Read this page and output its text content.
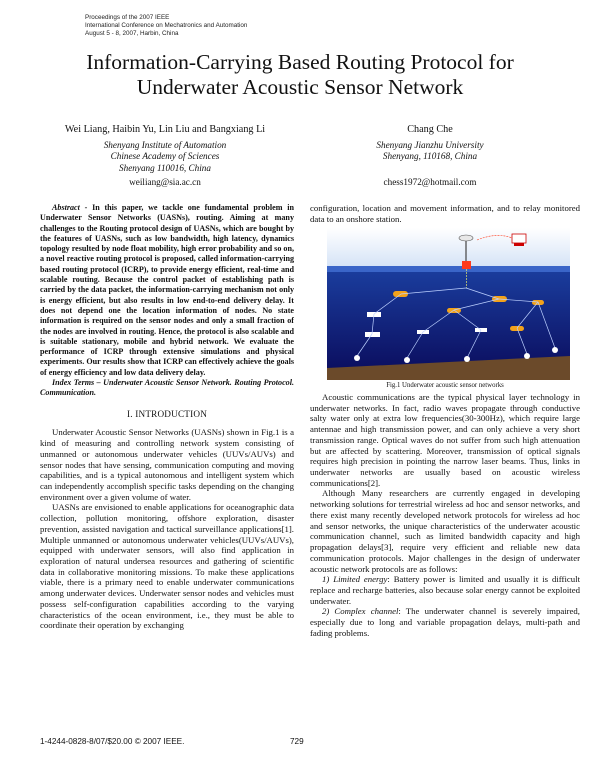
Proceedings of the 2007 IEEE
International Conference on Mechatronics and Automation
August 5 - 8, 2007, Harbin, China
Information-Carrying Based Routing Protocol for
Underwater Acoustic Sensor Network
Wei Liang, Haibin Yu, Lin Liu and Bangxiang Li
Shenyang Institute of Automation
Chinese Academy of Sciences
Shenyang 110016, China
weiliang@sia.ac.cn
Chang Che
Shenyang Jianzhu University
Shenyang, 110168, China
chess1972@hotmail.com

Abstract - In this paper, we tackle one fundamental problem in Underwater Sensor Networks (UASNs), routing. Aiming at many challenges to the Routing protocol design of UASNs, which are bought by the features of UASNs, such as low bandwidth, high latency, dynamics topology resulted by node float mobility, high error probability and so on, a novel reactive routing protocol is proposed, called information-carrying based routing protocol (ICRP), to provide energy efficient, real-time and scalable routing. Because the control packet of establishing path is carried by the data packet, the information-carrying mechanism not only is energy efficient, but also results in low end-to-end delivery delay. It does not depend one the location information of nodes. No state information is required on the sensor nodes and only a small fraction of the nodes are involved in routing. Hence, the protocol is also scalable and is suitable stationary, mobile and hybrid network. We evaluate the performance of ICRP through extensive simulations and physical experiments. Our results show that ICRP can effectively achieve the goals of energy efficiency and low data delivery delay.

Index Terms – Underwater Acoustic Sensor Network. Routing Protocol. Communication.

I. INTRODUCTION

Underwater Acoustic Sensor Networks (UASNs) shown in Fig.1 is a kind of measuring and controlling network system consisting of unmanned or autonomous underwater vehicles (UUVs/AUVs) and sensor nodes that have sensing, communication computing and moving capabilities, and is a typical autonomous and intelligent system which can independently accomplish specific tasks depending on the changing environment over a given volume of water.

UASNs are envisioned to enable applications for oceanographic data collection, pollution monitoring, offshore exploration, disaster prevention, assisted navigation and tactical surveillance applications[1]. Multiple unmanned or autonomous underwater vehicles(UUVs/AUVs), equipped with underwater sensors, will also find application in exploration of natural undersea resources and gathering of scientific data in collaborative monitoring missions. To make these applications viable, there is a primary need to enable underwater communications among underwater devices. Underwater sensor nodes and vehicles must possess self-configuration capabilities according to the varying characteristics of the ocean environment, i.e., they must be able to coordinate their operation by exchanging

configuration, location and movement information, and to relay monitored data to an onshore station.

Fig.1 Underwater acoustic sensor networks

Acoustic communications are the typical physical layer technology in underwater networks. In fact, radio waves propagate through conductive salty water only at extra low frequencies(30-300Hz), which require large antennae and high transmission power, and can only achieve a very short transmission range. Optical waves do not suffer from such high attenuation but are affected by scattering. Moreover, transmission of optical signals requires high precision in pointing the narrow laser beams. Thus, links in underwater networks are usually based on acoustic wireless communications[2].

Although Many researchers are currently engaged in developing networking solutions for terrestrial wireless ad hoc and sensor networks, and there exist many recently developed network protocols for wireless ad hoc and sensor networks, the unique characteristics of the underwater acoustic communication channel, such as limited bandwidth capacity and high propagation delays[3], require very efficient and reliable new data communication protocols. Major challenges in the design of underwater acoustic network protocols are as follows:

1) Limited energy: Battery power is limited and usually it is difficult replace and recharge batteries, also because solar energy cannot be exploited underwater.

2) Complex channel: The underwater channel is severely impaired, especially due to long and variable propagation delays, multi-path and fading problems.

1-4244-0828-8/07/$20.00 © 2007 IEEE.	729
